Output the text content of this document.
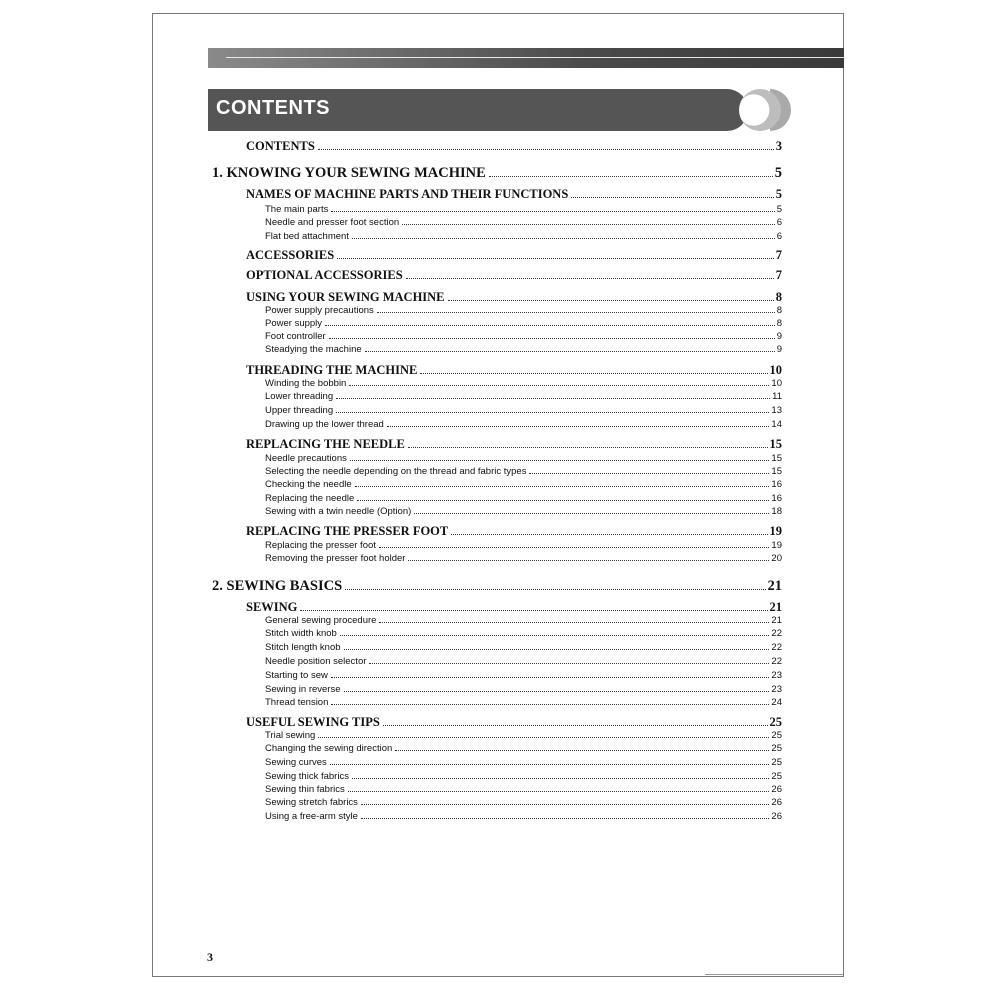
CONTENTS
CONTENTS	3
1. KNOWING YOUR SEWING MACHINE	5
NAMES OF MACHINE PARTS AND THEIR FUNCTIONS	5
The main parts	5
Needle and presser foot section	6
Flat bed attachment	6
ACCESSORIES	7
OPTIONAL ACCESSORIES	7
USING YOUR SEWING MACHINE	8
Power supply precautions	8
Power supply	8
Foot controller	9
Steadying the machine	9
THREADING THE MACHINE	10
Winding the bobbin	10
Lower threading	11
Upper threading	13
Drawing up the lower thread	14
REPLACING THE NEEDLE	15
Needle precautions	15
Selecting the needle depending on the thread and fabric types	15
Checking the needle	16
Replacing the needle	16
Sewing with a twin needle (Option)	18
REPLACING THE PRESSER FOOT	19
Replacing the presser foot	19
Removing the presser foot holder	20
2. SEWING BASICS	21
SEWING	21
General sewing procedure	21
Stitch width knob	22
Stitch length knob	22
Needle position selector	22
Starting to sew	23
Sewing in reverse	23
Thread tension	24
USEFUL SEWING TIPS	25
Trial sewing	25
Changing the sewing direction	25
Sewing curves	25
Sewing thick fabrics	25
Sewing thin fabrics	26
Sewing stretch fabrics	26
Using a free-arm style	26
3
